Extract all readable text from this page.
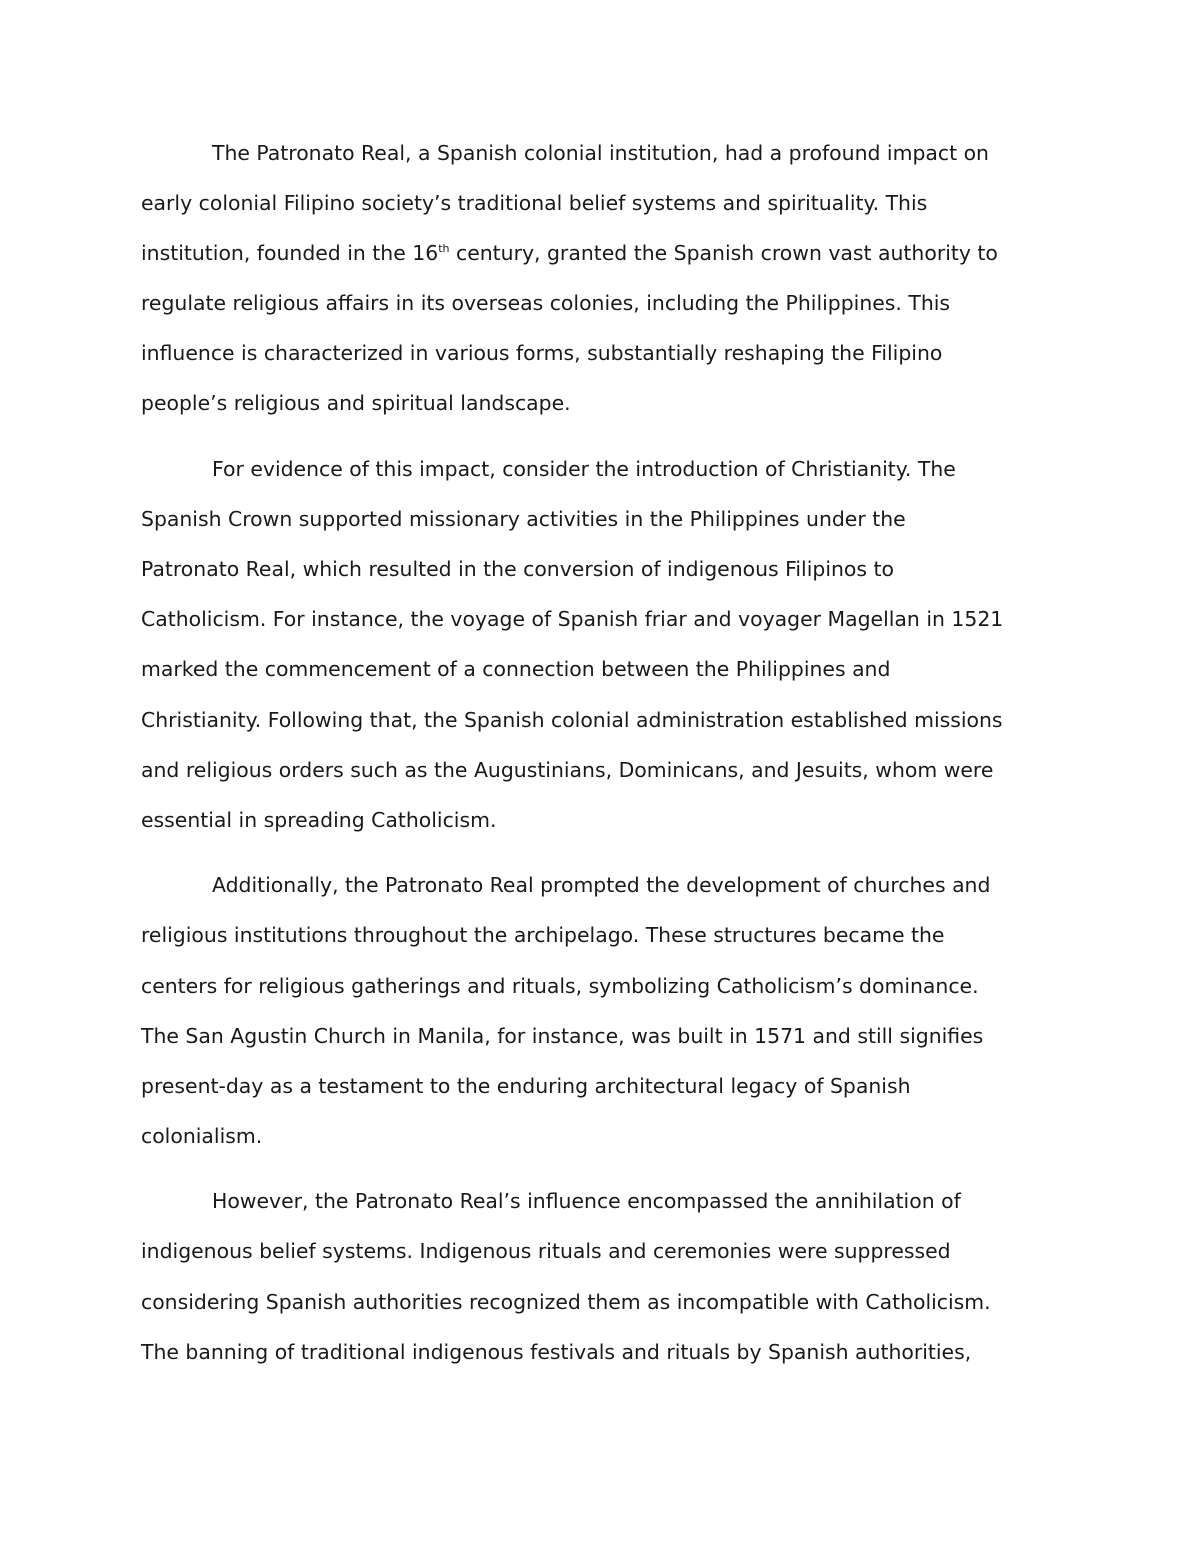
The Patronato Real, a Spanish colonial institution, had a profound impact on
early colonial Filipino society’s traditional belief systems and spirituality. This
institution, founded in the 16th century, granted the Spanish crown vast authority to
regulate religious affairs in its overseas colonies, including the Philippines. This
influence is characterized in various forms, substantially reshaping the Filipino
people’s religious and spiritual landscape.
For evidence of this impact, consider the introduction of Christianity. The
Spanish Crown supported missionary activities in the Philippines under the
Patronato Real, which resulted in the conversion of indigenous Filipinos to
Catholicism. For instance, the voyage of Spanish friar and voyager Magellan in 1521
marked the commencement of a connection between the Philippines and
Christianity. Following that, the Spanish colonial administration established missions
and religious orders such as the Augustinians, Dominicans, and Jesuits, whom were
essential in spreading Catholicism.
Additionally, the Patronato Real prompted the development of churches and
religious institutions throughout the archipelago. These structures became the
centers for religious gatherings and rituals, symbolizing Catholicism’s dominance.
The San Agustin Church in Manila, for instance, was built in 1571 and still signifies
present-day as a testament to the enduring architectural legacy of Spanish
colonialism.
However, the Patronato Real’s influence encompassed the annihilation of
indigenous belief systems. Indigenous rituals and ceremonies were suppressed
considering Spanish authorities recognized them as incompatible with Catholicism.
The banning of traditional indigenous festivals and rituals by Spanish authorities,
